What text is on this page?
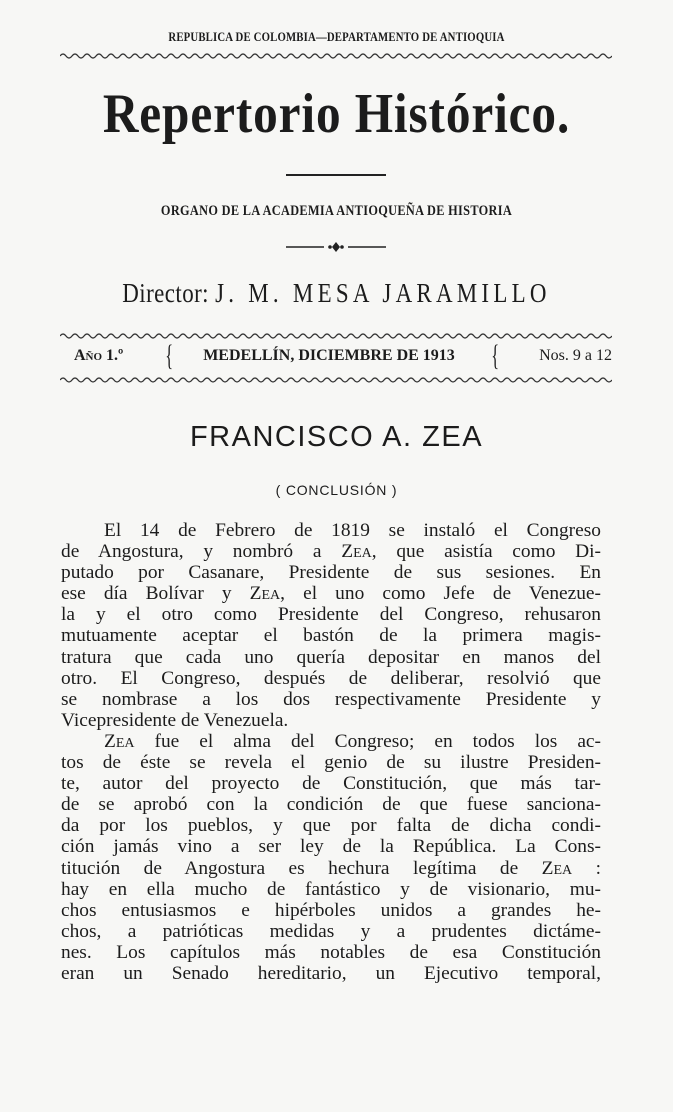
REPUBLICA DE COLOMBIA—DEPARTAMENTO DE ANTIOQUIA
Repertorio Histórico.
ORGANO DE LA ACADEMIA ANTIOQUEÑA DE HISTORIA
Director: J. M. MESA JARAMILLO
Año 1.º	{	MEDELLÍN, DICIEMBRE DE 1913	{	Nos. 9 a 12
FRANCISCO A. ZEA
( CONCLUSIÓN )
El 14 de Febrero de 1819 se instaló el Congreso
de Angostura, y nombró a Zea, que asistía como Di-
putado por Casanare, Presidente de sus sesiones. En
ese día Bolívar y Zea, el uno como Jefe de Venezue-
la y el otro como Presidente del Congreso, rehusaron
mutuamente aceptar el bastón de la primera magis-
tratura que cada uno quería depositar en manos del
otro. El Congreso, después de deliberar, resolvió que
se nombrase a los dos respectivamente Presidente y
Vicepresidente de Venezuela.
Zea fue el alma del Congreso; en todos los ac-
tos de éste se revela el genio de su ilustre Presiden-
te, autor del proyecto de Constitución, que más tar-
de se aprobó con la condición de que fuese sanciona-
da por los pueblos, y que por falta de dicha condi-
ción jamás vino a ser ley de la República. La Cons-
titución de Angostura es hechura legítima de Zea :
hay en ella mucho de fantástico y de visionario, mu-
chos entusiasmos e hipérboles unidos a grandes he-
chos, a patrióticas medidas y a prudentes dictáme-
nes. Los capítulos más notables de esa Constitución
eran un Senado hereditario, un Ejecutivo temporal,
